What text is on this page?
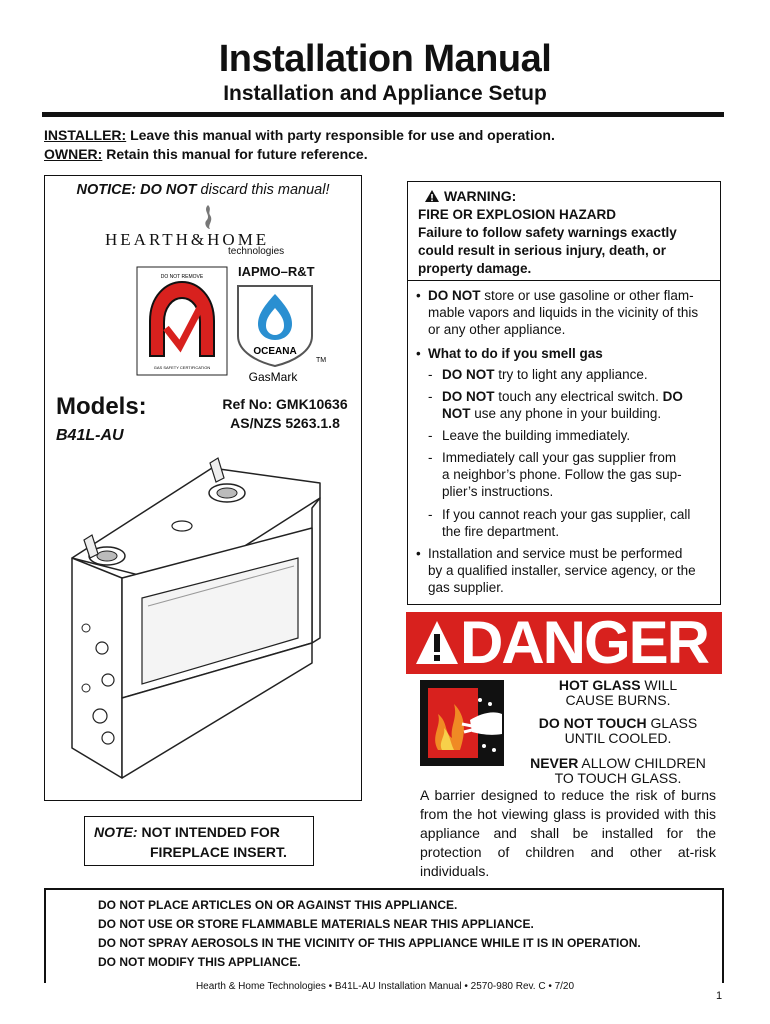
Installation Manual
Installation and Appliance Setup
INSTALLER: Leave this manual with party responsible for use and operation.
OWNER: Retain this manual for future reference.
NOTICE: DO NOT discard this manual!
HEARTH&HOME
technologies
IAPMO–R&T
DO NOT REMOVE
GAS SAFETY CERTIFICATION
OCEANA
TM
GasMark
Models:
B41L-AU
Ref No: GMK10636
AS/NZS 5263.1.8
NOTE: NOT INTENDED FOR
FIREPLACE INSERT.
WARNING:
FIRE OR EXPLOSION HAZARD
Failure to follow safety warnings exactly
could result in serious injury, death, or
property damage.
• DO NOT store or use gasoline or other flam-
mable vapors and liquids in the vicinity of this
or any other appliance.
• What to do if you smell gas
- DO NOT try to light any appliance.
- DO NOT touch any electrical switch. DO
NOT use any phone in your building.
- Leave the building immediately.
- Immediately call your gas supplier from
a neighbor’s phone. Follow the gas sup-
plier’s instructions.
- If you cannot reach your gas supplier, call
the fire department.
• Installation and service must be performed
by a qualified installer, service agency, or the
gas supplier.
DANGER
HOT GLASS WILL
CAUSE BURNS.
DO NOT TOUCH GLASS
UNTIL COOLED.
NEVER ALLOW CHILDREN
TO TOUCH GLASS.
A barrier designed to reduce the risk of burns from the hot viewing glass is provided with this appliance and shall be installed for the protection of children and other at-risk individuals.
DO NOT PLACE ARTICLES ON OR AGAINST THIS APPLIANCE.
DO NOT USE OR STORE FLAMMABLE MATERIALS NEAR THIS APPLIANCE.
DO NOT SPRAY AEROSOLS IN THE VICINITY OF THIS APPLIANCE WHILE IT IS IN OPERATION.
DO NOT MODIFY THIS APPLIANCE.
Hearth & Home Technologies • B41L-AU Installation Manual • 2570-980 Rev. C • 7/20
1
